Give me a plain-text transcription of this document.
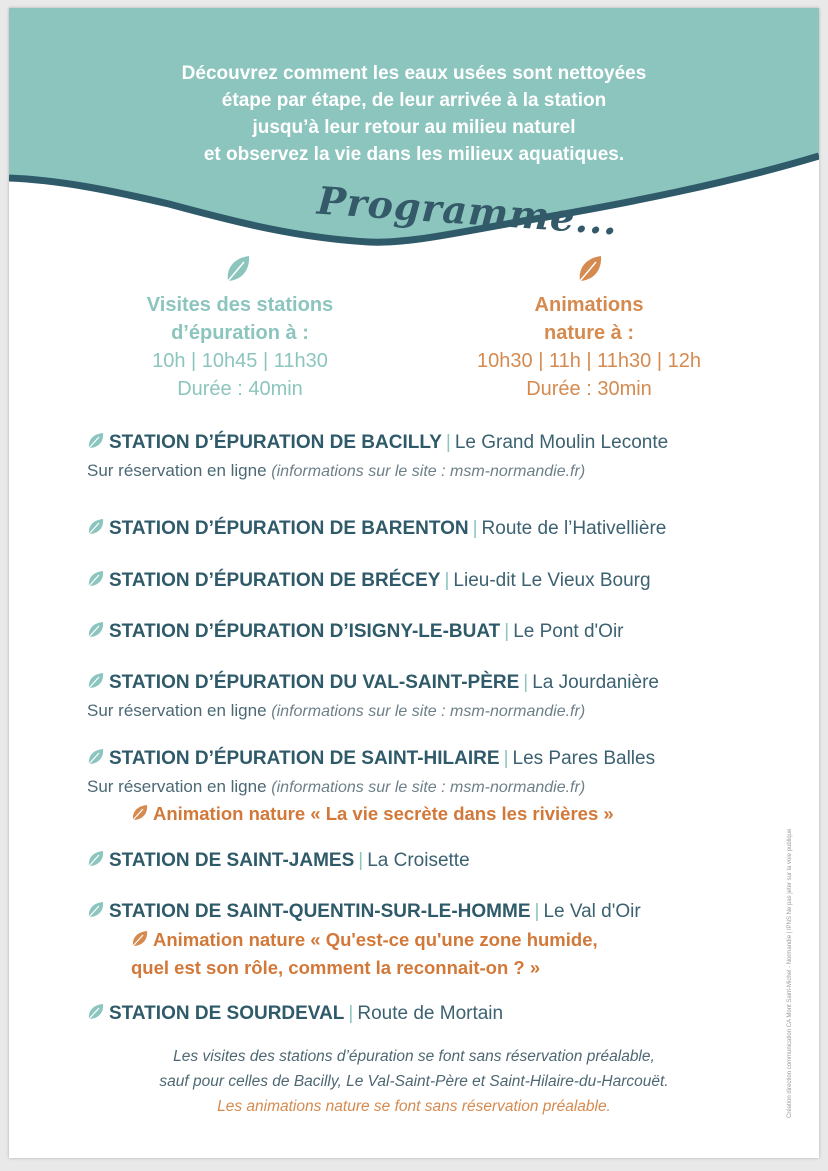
Découvrez comment les eaux usées sont nettoyées
étape par étape, de leur arrivée à la station
jusqu’à leur retour au milieu naturel
et observez la vie dans les milieux aquatiques.
Programme...
Visites des stations
d’épuration à :
10h | 10h45 | 11h30
Durée : 40min
Animations
nature à :
10h30 | 11h | 11h30 | 12h
Durée : 30min
STATION D’ÉPURATION DE BACILLY | Le Grand Moulin Leconte
Sur réservation en ligne (informations sur le site : msm-normandie.fr)
STATION D’ÉPURATION DE BARENTON | Route de l’Hativellière
STATION D’ÉPURATION DE BRÉCEY | Lieu-dit Le Vieux Bourg
STATION D’ÉPURATION D’ISIGNY-LE-BUAT | Le Pont d'Oir
STATION D’ÉPURATION DU VAL-SAINT-PÈRE | La Jourdanière
Sur réservation en ligne (informations sur le site : msm-normandie.fr)
STATION D’ÉPURATION DE SAINT-HILAIRE | Les Pares Balles
Sur réservation en ligne (informations sur le site : msm-normandie.fr)
Animation nature « La vie secrète dans les rivières »
STATION DE SAINT-JAMES | La Croisette
STATION DE SAINT-QUENTIN-SUR-LE-HOMME | Le Val d'Oir
Animation nature « Qu'est-ce qu'une zone humide,
quel est son rôle, comment la reconnait-on ? »
STATION DE SOURDEVAL | Route de Mortain
Les visites des stations d’épuration se font sans réservation préalable,
sauf pour celles de Bacilly, Le Val-Saint-Père et Saint-Hilaire-du-Harcouët.
Les animations nature se font sans réservation préalable.	Création direction communication CA Mont Saint-Michel - Normandie | IPNS Ne pas jeter sur la voie publique
